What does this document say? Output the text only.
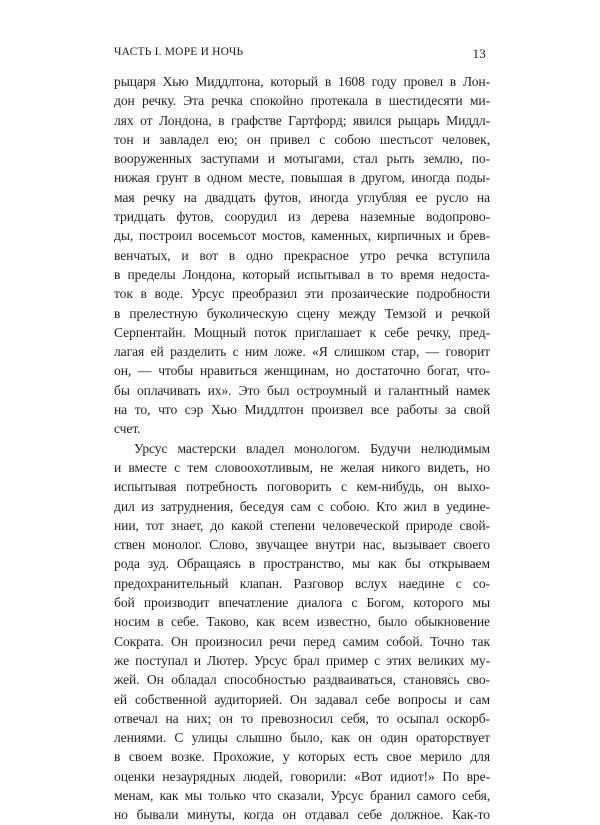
ЧАСТЬ I. МОРЕ И НОЧЬ	13
рыцаря Хью Миддлтона, который в 1608 году провел в Лон-
дон речку. Эта речка спокойно протекала в шестидесяти ми-
лях от Лондона, в графстве Гартфорд; явился рыцарь Миддл-
тон и завладел ею; он привел с собою шестьсот человек,
вооруженных заступами и мотыгами, стал рыть землю, по-
нижая грунт в одном месте, повышая в другом, иногда поды-
мая речку на двадцать футов, иногда углубляя ее русло на
тридцать футов, соорудил из дерева наземные водопрово-
ды, построил восемьсот мостов, каменных, кирпичных и брев-
венчатых, и вот в одно прекрасное утро речка вступила
в пределы Лондона, который испытывал в то время недоста-
ток в воде. Урсус преобразил эти прозаические подробности
в прелестную буколическую сцену между Темзой и речкой
Серпентайн. Мощный поток приглашает к себе речку, пред-
лагая ей разделить с ним ложе. «Я слишком стар, — говорит
он, — чтобы нравиться женщинам, но достаточно богат, что-
бы оплачивать их». Это был остроумный и галантный намек
на то, что сэр Хью Миддлтон произвел все работы за свой
счет.
Урсус мастерски владел монологом. Будучи нелюдимым
и вместе с тем словоохотливым, не желая никого видеть, но
испытывая потребность поговорить с кем-нибудь, он выхо-
дил из затруднения, беседуя сам с собою. Кто жил в уедине-
нии, тот знает, до какой степени человеческой природе свой-
ствен монолог. Слово, звучащее внутри нас, вызывает своего
рода зуд. Обращаясь в пространство, мы как бы открываем
предохранительный клапан. Разговор вслух наедине с со-
бой производит впечатление диалога с Богом, которого мы
носим в себе. Таково, как всем известно, было обыкновение
Сократа. Он произносил речи перед самим собой. Точно так
же поступал и Лютер. Урсус брал пример с этих великих му-
жей. Он обладал способностью раздваиваться, становясь сво-
ей собственной аудиторией. Он задавал себе вопросы и сам
отвечал на них; он то превозносил себя, то осыпал оскорб-
лениями. С улицы слышно было, как он один ораторствует
в своем возке. Прохожие, у которых есть свое мерило для
оценки незаурядных людей, говорили: «Вот идиот!» По вре-
менам, как мы только что сказали, Урсус бранил самого себя,
но бывали минуты, когда он отдавал себе должное. Как-то
